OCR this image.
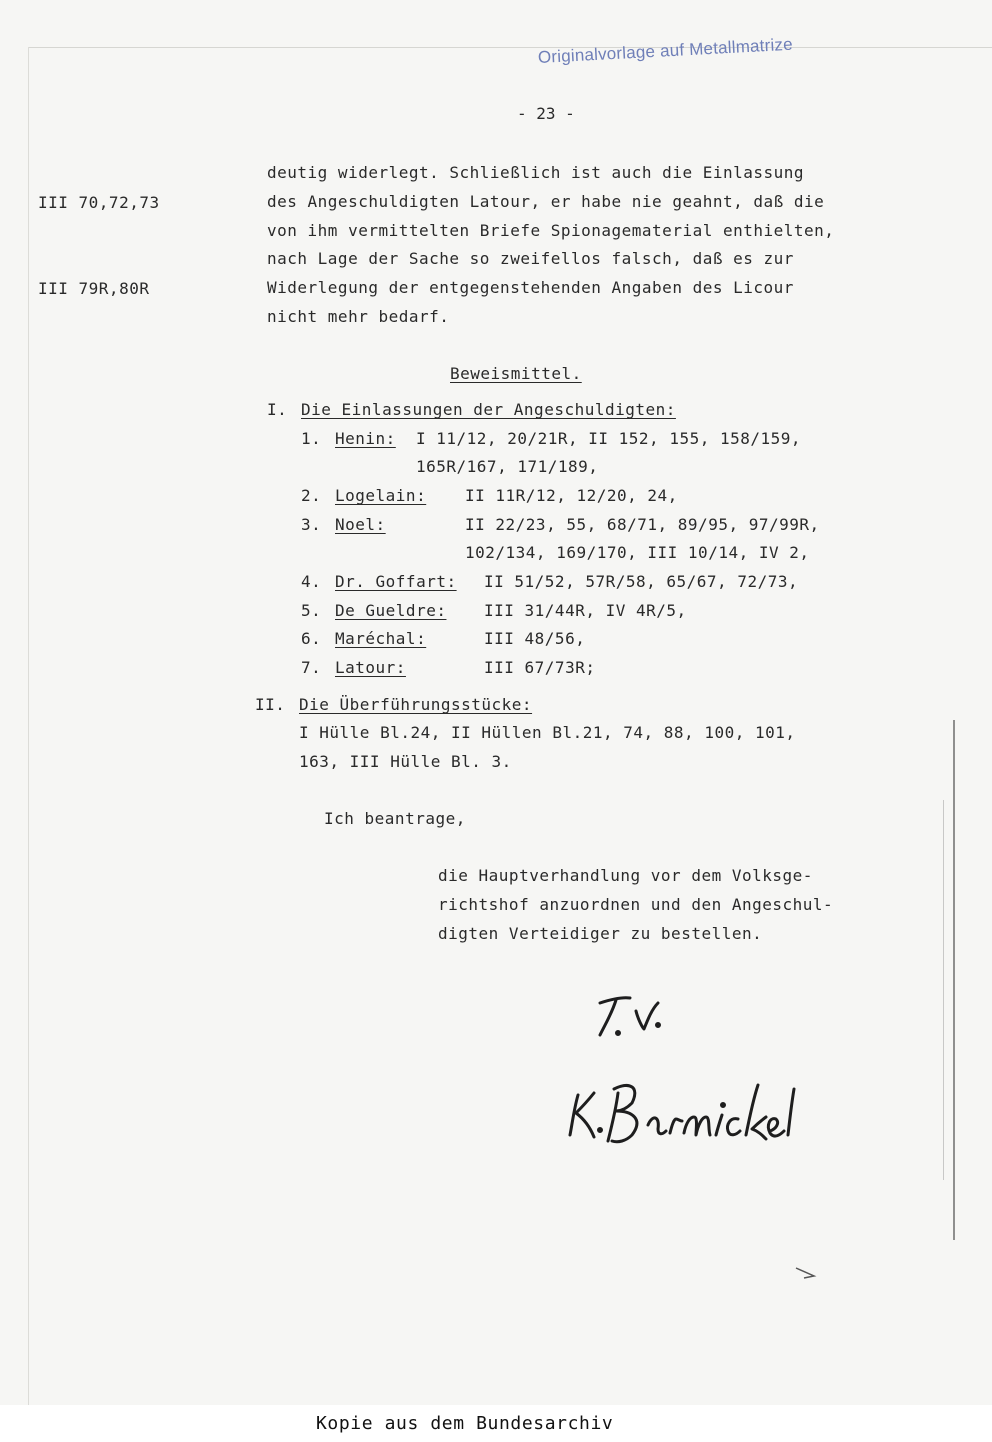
Originalvorlage auf Metallmatrize
- 23 -
III 70,72,73
III 79R,80R
deutig widerlegt. Schließlich ist auch die Einlassung
des Angeschuldigten Latour, er habe nie geahnt, daß die
von ihm vermittelten Briefe Spionagematerial enthielten,
nach Lage der Sache so zweifellos falsch, daß es zur
Widerlegung der entgegenstehenden Angaben des Licour
nicht mehr bedarf.
Beweismittel.
I. Die Einlassungen der Angeschuldigten:
1. Henin: I 11/12, 20/21R, II 152, 155, 158/159,
165R/167, 171/189,
2. Logelain: II 11R/12, 12/20, 24,
3. Noel:	II 22/23, 55, 68/71, 89/95, 97/99R,
102/134, 169/170, III 10/14, IV 2,
4. Dr. Goffart: II 51/52, 57R/58, 65/67, 72/73,
5. De Gueldre: III 31/44R, IV 4R/5,
6. Maréchal:	III 48/56,
7. Latour:	III 67/73R;
II. Die Überführungsstücke:
I Hülle Bl.24, II Hüllen Bl.21, 74, 88, 100, 101,
163, III Hülle Bl. 3.
Ich beantrage,
die Hauptverhandlung vor dem Volksge-
richtshof anzuordnen und den Angeschul-
digten Verteidiger zu bestellen.
Kopie aus dem Bundesarchiv
